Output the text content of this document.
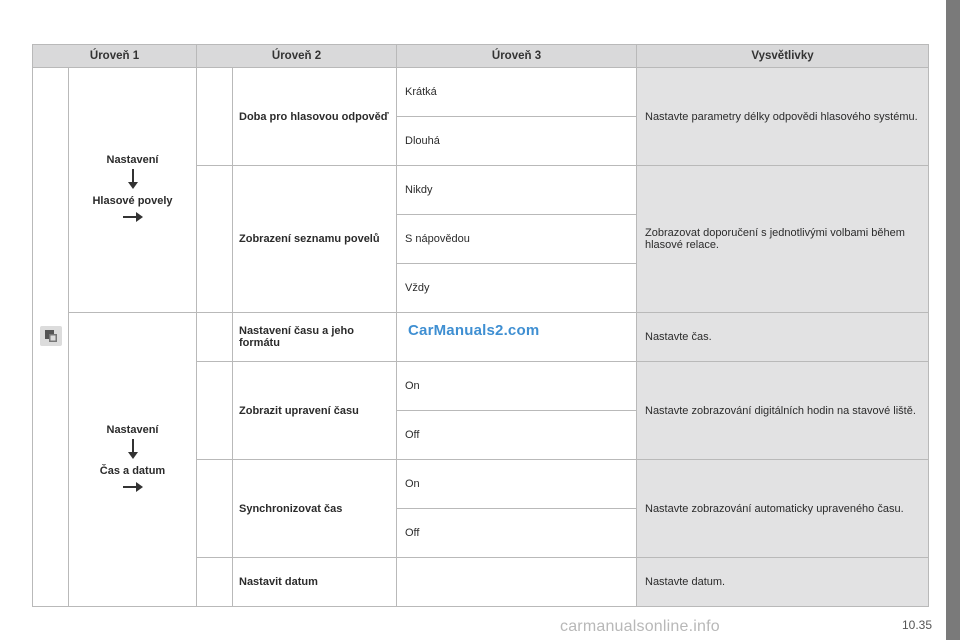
Úroveň 1		Úroveň 2		Úroveň 3	Vysvětlivky

Nastavení
Hlasové povely		Doba pro hlasovou odpověď	Krátká	Nastavte parametry délky odpovědi hlasového systému.
				Dlouhá	
			Zobrazení seznamu povelů	Nikdy	Zobrazovat doporučení s jednotlivými volbami během hlasové relace.
				S nápovědou	
				Vždy	

	Nastavení
Čas a datum		Nastavení času a jeho formátu		Nastavte čas.
			Zobrazit upravení času	On	Nastavte zobrazování digitálních hodin na stavové liště.
				Off	
			Synchronizovat čas	On	Nastavte zobrazování automaticky upraveného času.
				Off	
			Nastavit datum		Nastavte datum.
CarManuals2.com
carmanualsonline.info	10.35
